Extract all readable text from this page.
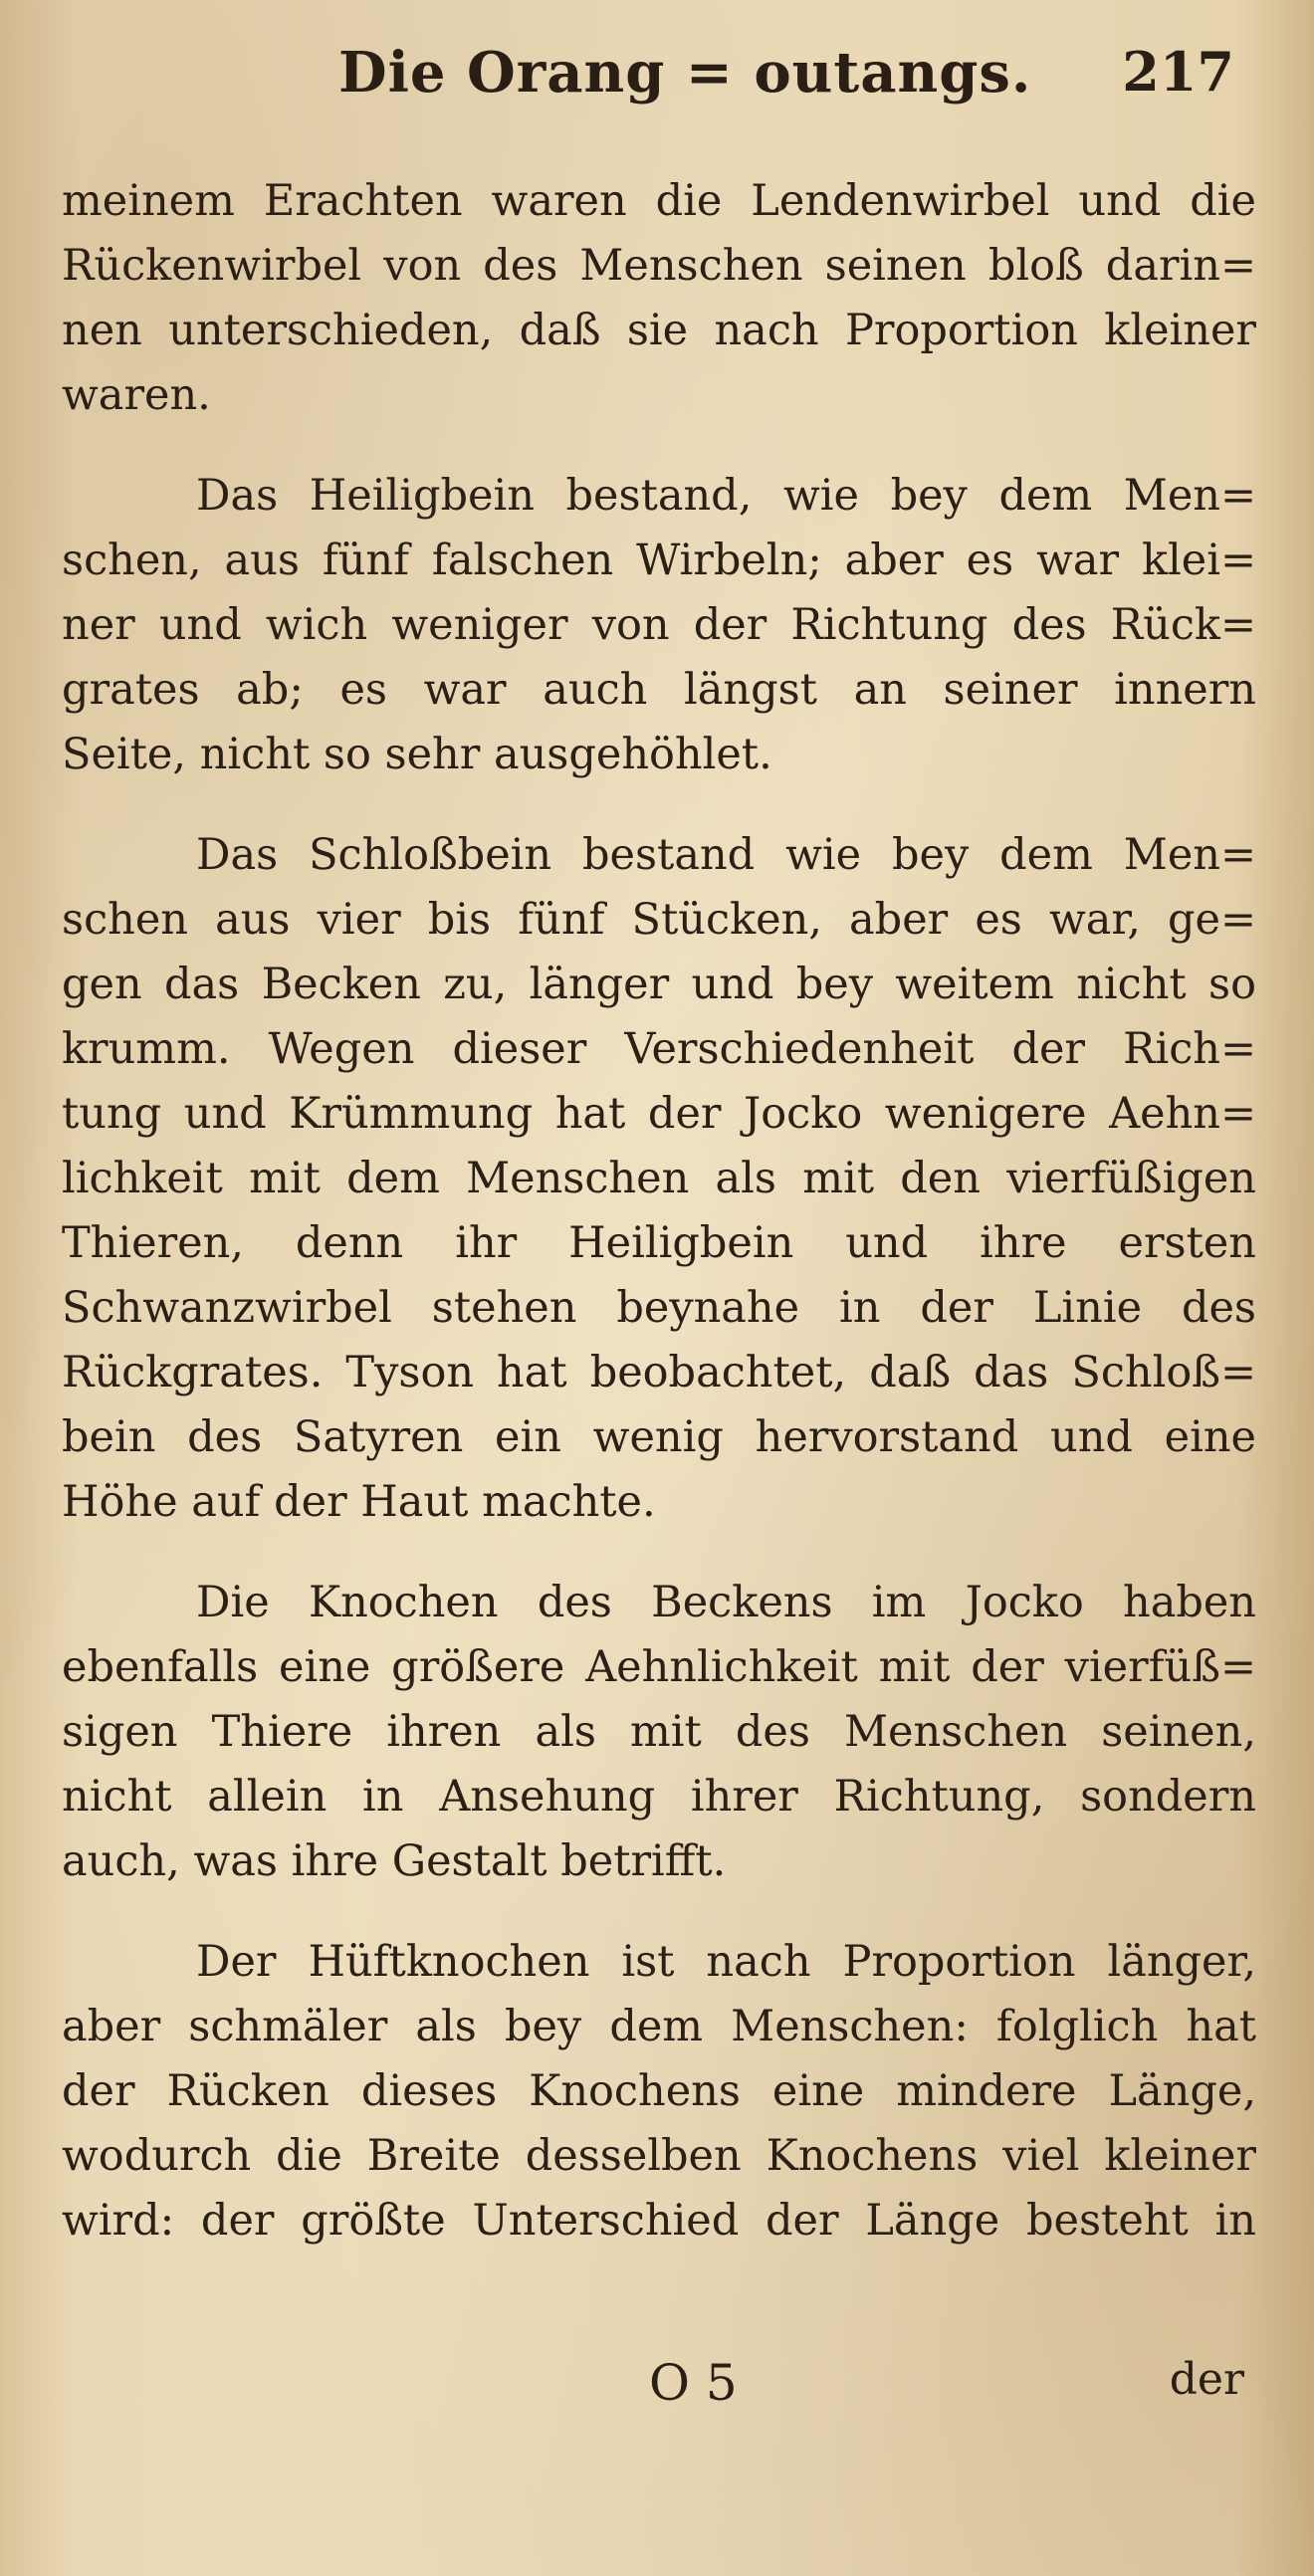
Die Orang = outangs. 217
meinem Erachten waren die Lendenwirbel und die
Rückenwirbel von des Menschen seinen bloß darin=
nen unterschieden, daß sie nach Proportion kleiner
waren.
Das Heiligbein bestand, wie bey dem Men=
schen, aus fünf falschen Wirbeln; aber es war klei=
ner und wich weniger von der Richtung des Rück=
grates ab; es war auch längst an seiner innern
Seite, nicht so sehr ausgehöhlet.
Das Schloßbein bestand wie bey dem Men=
schen aus vier bis fünf Stücken, aber es war, ge=
gen das Becken zu, länger und bey weitem nicht so
krumm. Wegen dieser Verschiedenheit der Rich=
tung und Krümmung hat der Jocko wenigere Aehn=
lichkeit mit dem Menschen als mit den vierfüßigen
Thieren, denn ihr Heiligbein und ihre ersten
Schwanzwirbel stehen beynahe in der Linie des
Rückgrates. Tyson hat beobachtet, daß das Schloß=
bein des Satyren ein wenig hervorstand und eine
Höhe auf der Haut machte.
Die Knochen des Beckens im Jocko haben
ebenfalls eine größere Aehnlichkeit mit der vierfüß=
sigen Thiere ihren als mit des Menschen seinen,
nicht allein in Ansehung ihrer Richtung, sondern
auch, was ihre Gestalt betrifft.
Der Hüftknochen ist nach Proportion länger,
aber schmäler als bey dem Menschen: folglich hat
der Rücken dieses Knochens eine mindere Länge,
wodurch die Breite desselben Knochens viel kleiner
wird: der größte Unterschied der Länge besteht in
O 5	der
